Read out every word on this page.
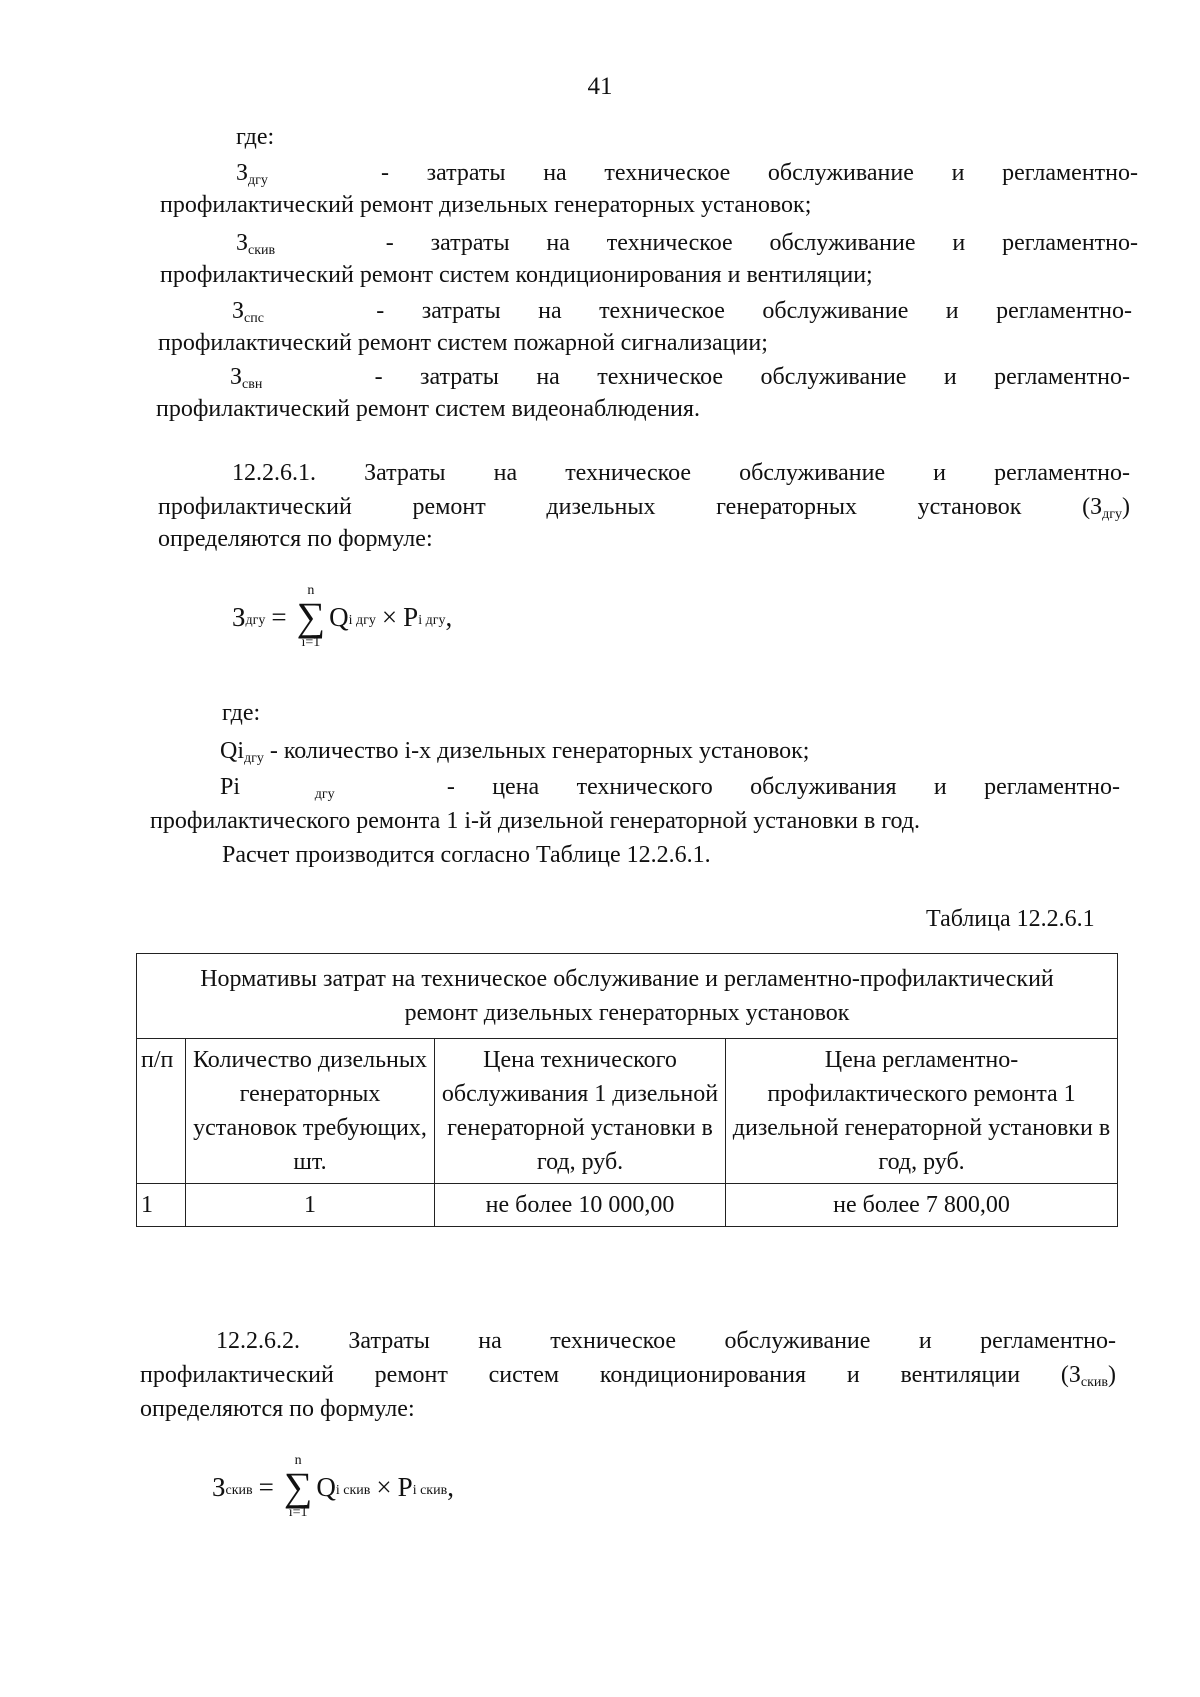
41
где:
$З_{дгу}$	- затраты на техническое обслуживание и регламентно-
профилактический ремонт дизельных генераторных установок;
$З_{скив}$	- затраты на техническое обслуживание и регламентно-
профилактический ремонт систем кондиционирования и вентиляции;
$З_{спс}$	- затраты на техническое обслуживание и регламентно-
профилактический ремонт систем пожарной сигнализации;
$З_{свн}$	- затраты на техническое обслуживание и регламентно-
профилактический ремонт систем видеонаблюдения.
12.2.6.1. Затраты на техническое обслуживание и регламентно-
профилактический ремонт дизельных генераторных установок $(З_{дгу})$
определяются по формуле:
З дгу =
n
∑
i=1
Q i дгу × P i дгу ,
где:
$Qi_{дгу}$ - количество i-х дизельных генераторных установок;
Pi	$_{дгу}$	- цена технического обслуживания и регламентно-
профилактического ремонта 1 i-й дизельной генераторной установки в год.
Расчет производится согласно Таблице 12.2.6.1.
Таблица 12.2.6.1
Нормативы затрат на техническое обслуживание и регламентно-профилактический ремонт дизельных генераторных установок			
п/п	Количество дизельных генераторных установок требующих, шт.	Цена технического обслуживания 1 дизельной генераторной установки в год, руб.	Цена регламентно-профилактического ремонта 1 дизельной генераторной установки в год, руб.
1	1	не более 10 000,00	не более 7 800,00
12.2.6.2. Затраты на техническое обслуживание и регламентно-
профилактический ремонт систем кондиционирования и вентиляции $(З_{скив})$
определяются по формуле:
З скив =
n
∑
i=1
Q i скив × P i скив ,
